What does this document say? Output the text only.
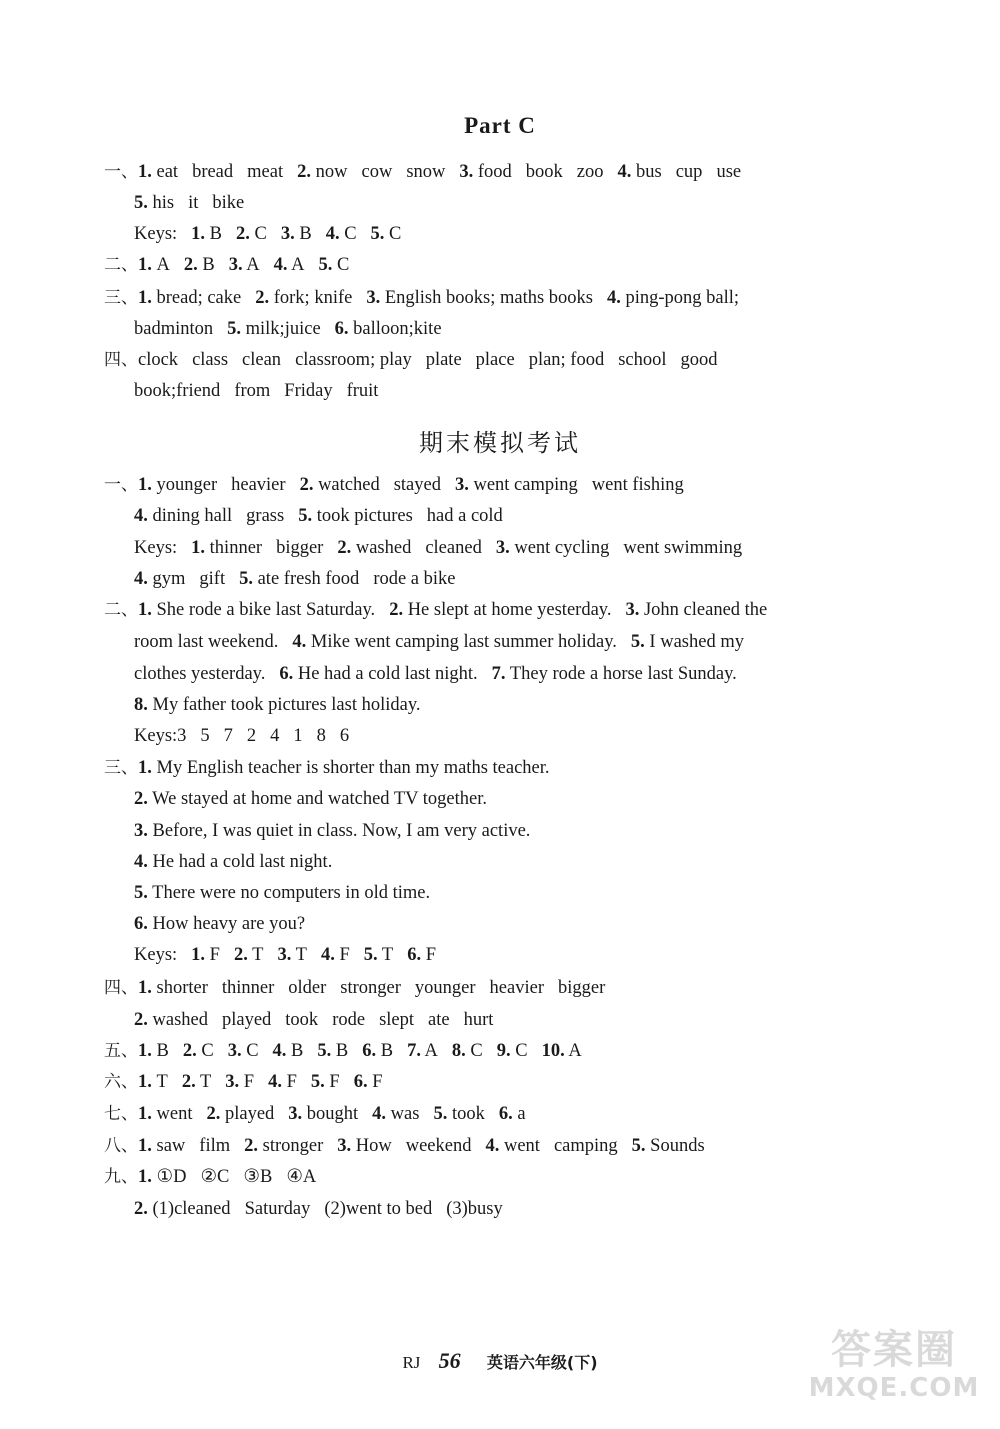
Part C
一、1. eat bread meat 2. now cow snow 3. food book zoo 4. bus cup use
5. his it bike
Keys: 1. B 2. C 3. B 4. C 5. C
二、1. A 2. B 3. A 4. A 5. C
三、1. bread; cake 2. fork; knife 3. English books; maths books 4. ping-pong ball;
badminton 5. milk;juice 6. balloon;kite
四、clock class clean classroom; play plate place plan; food school good
book;friend from Friday fruit
期末模拟考试
一、1. younger heavier 2. watched stayed 3. went camping went fishing
4. dining hall grass 5. took pictures had a cold
Keys: 1. thinner bigger 2. washed cleaned 3. went cycling went swimming
4. gym gift 5. ate fresh food rode a bike
二、1. She rode a bike last Saturday. 2. He slept at home yesterday. 3. John cleaned the
room last weekend. 4. Mike went camping last summer holiday. 5. I washed my
clothes yesterday. 6. He had a cold last night. 7. They rode a horse last Sunday.
8. My father took pictures last holiday.
Keys:3 5 7 2 4 1 8 6
三、1. My English teacher is shorter than my maths teacher.
2. We stayed at home and watched TV together.
3. Before, I was quiet in class. Now, I am very active.
4. He had a cold last night.
5. There were no computers in old time.
6. How heavy are you?
Keys: 1. F 2. T 3. T 4. F 5. T 6. F
四、1. shorter thinner older stronger younger heavier bigger
2. washed played took rode slept ate hurt
五、1. B 2. C 3. C 4. B 5. B 6. B 7. A 8. C 9. C 10. A
六、1. T 2. T 3. F 4. F 5. F 6. F
七、1. went 2. played 3. bought 4. was 5. took 6. a
八、1. saw film 2. stronger 3. How weekend 4. went camping 5. Sounds
九、1. ①D ②C ③B ④A
2. (1)cleaned Saturday (2)went to bed (3)busy
RJ 56 英语六年级(下)	答案圈
MXQE.COM
